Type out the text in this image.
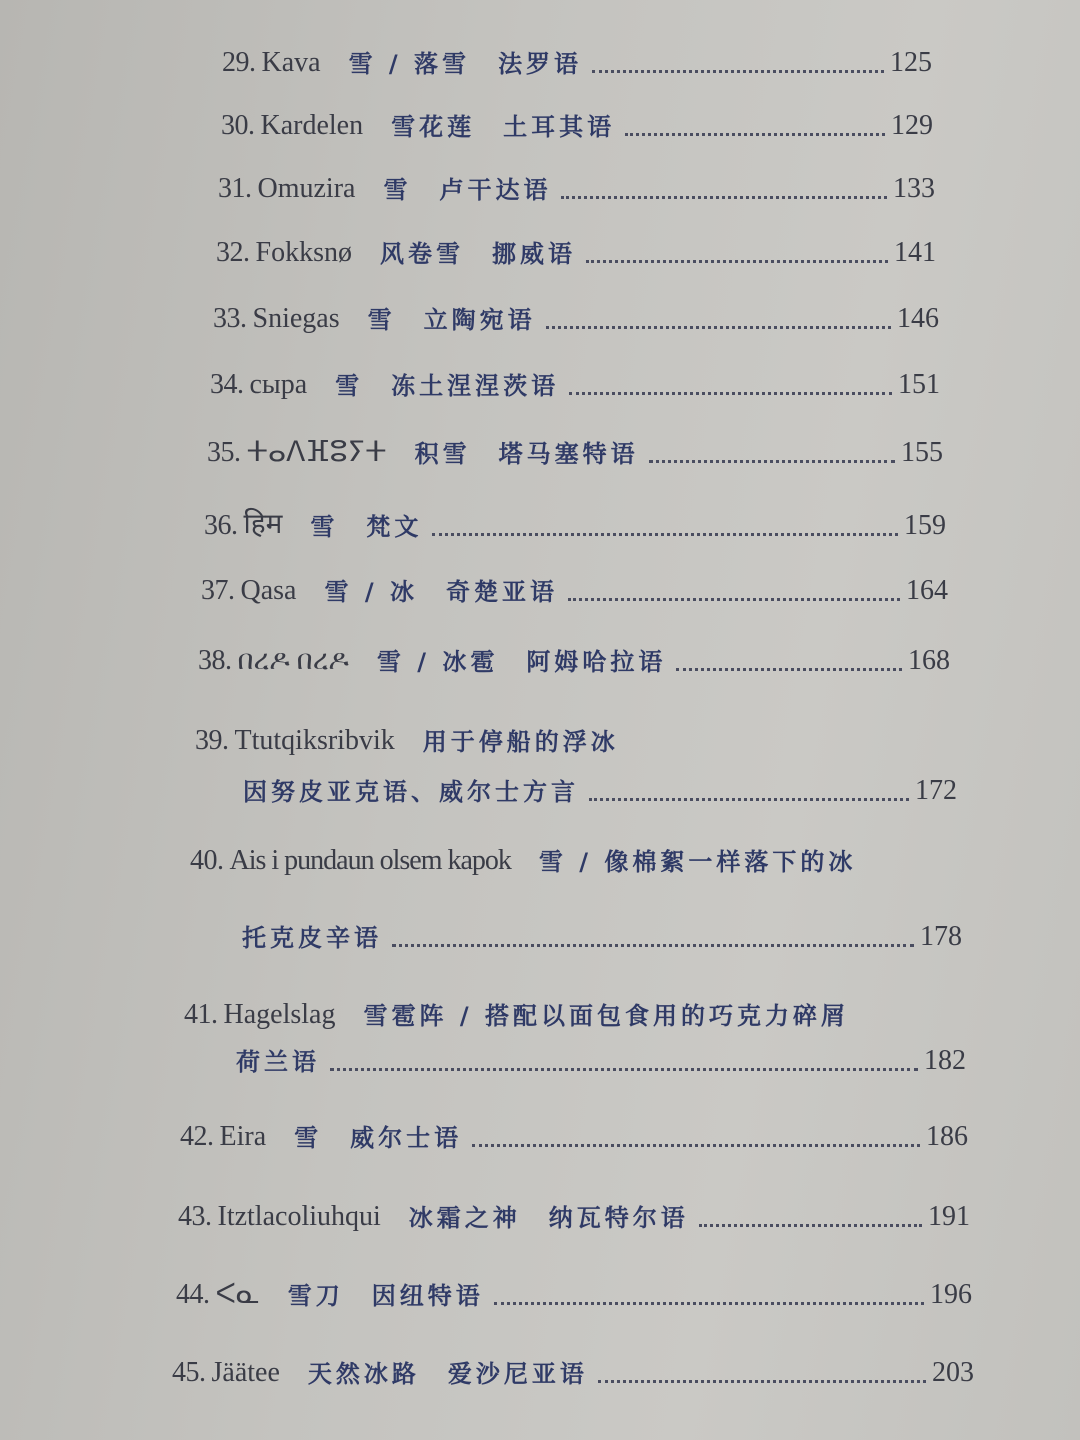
29. Kava 雪 / 落雪 法罗语	125
30. Kardelen 雪花莲 土耳其语	129
31. Omuzira 雪 卢干达语	133
32. Fokksnø 风卷雪 挪威语	141
33. Sniegas 雪 立陶宛语	146
34. сыра 雪 冻土涅涅茨语	151
35. ⵜⴰⴷⴼⵓⵢⵜ 积雪 塔马塞特语	155
36. हिम 雪 梵文	159
37. Qasa 雪 / 冰 奇楚亚语	164
38. በረዶ በረዶ 雪 / 冰雹 阿姆哈拉语	168
39. Ttutqiksribvik 用于停船的浮冰
因努皮亚克语、威尔士方言	172
40. Ais i pundaun olsem kapok 雪 / 像棉絮一样落下的冰
托克皮辛语	178
41. Hagelslag 雪雹阵 / 搭配以面包食用的巧克力碎屑
荷兰语	182
42. Eira 雪 威尔士语	186
43. Itztlacoliuhqui 冰霜之神 纳瓦特尔语	191
44. ᐸᓇ 雪刀 因纽特语	196
45. Jäätee 天然冰路 爱沙尼亚语	203
